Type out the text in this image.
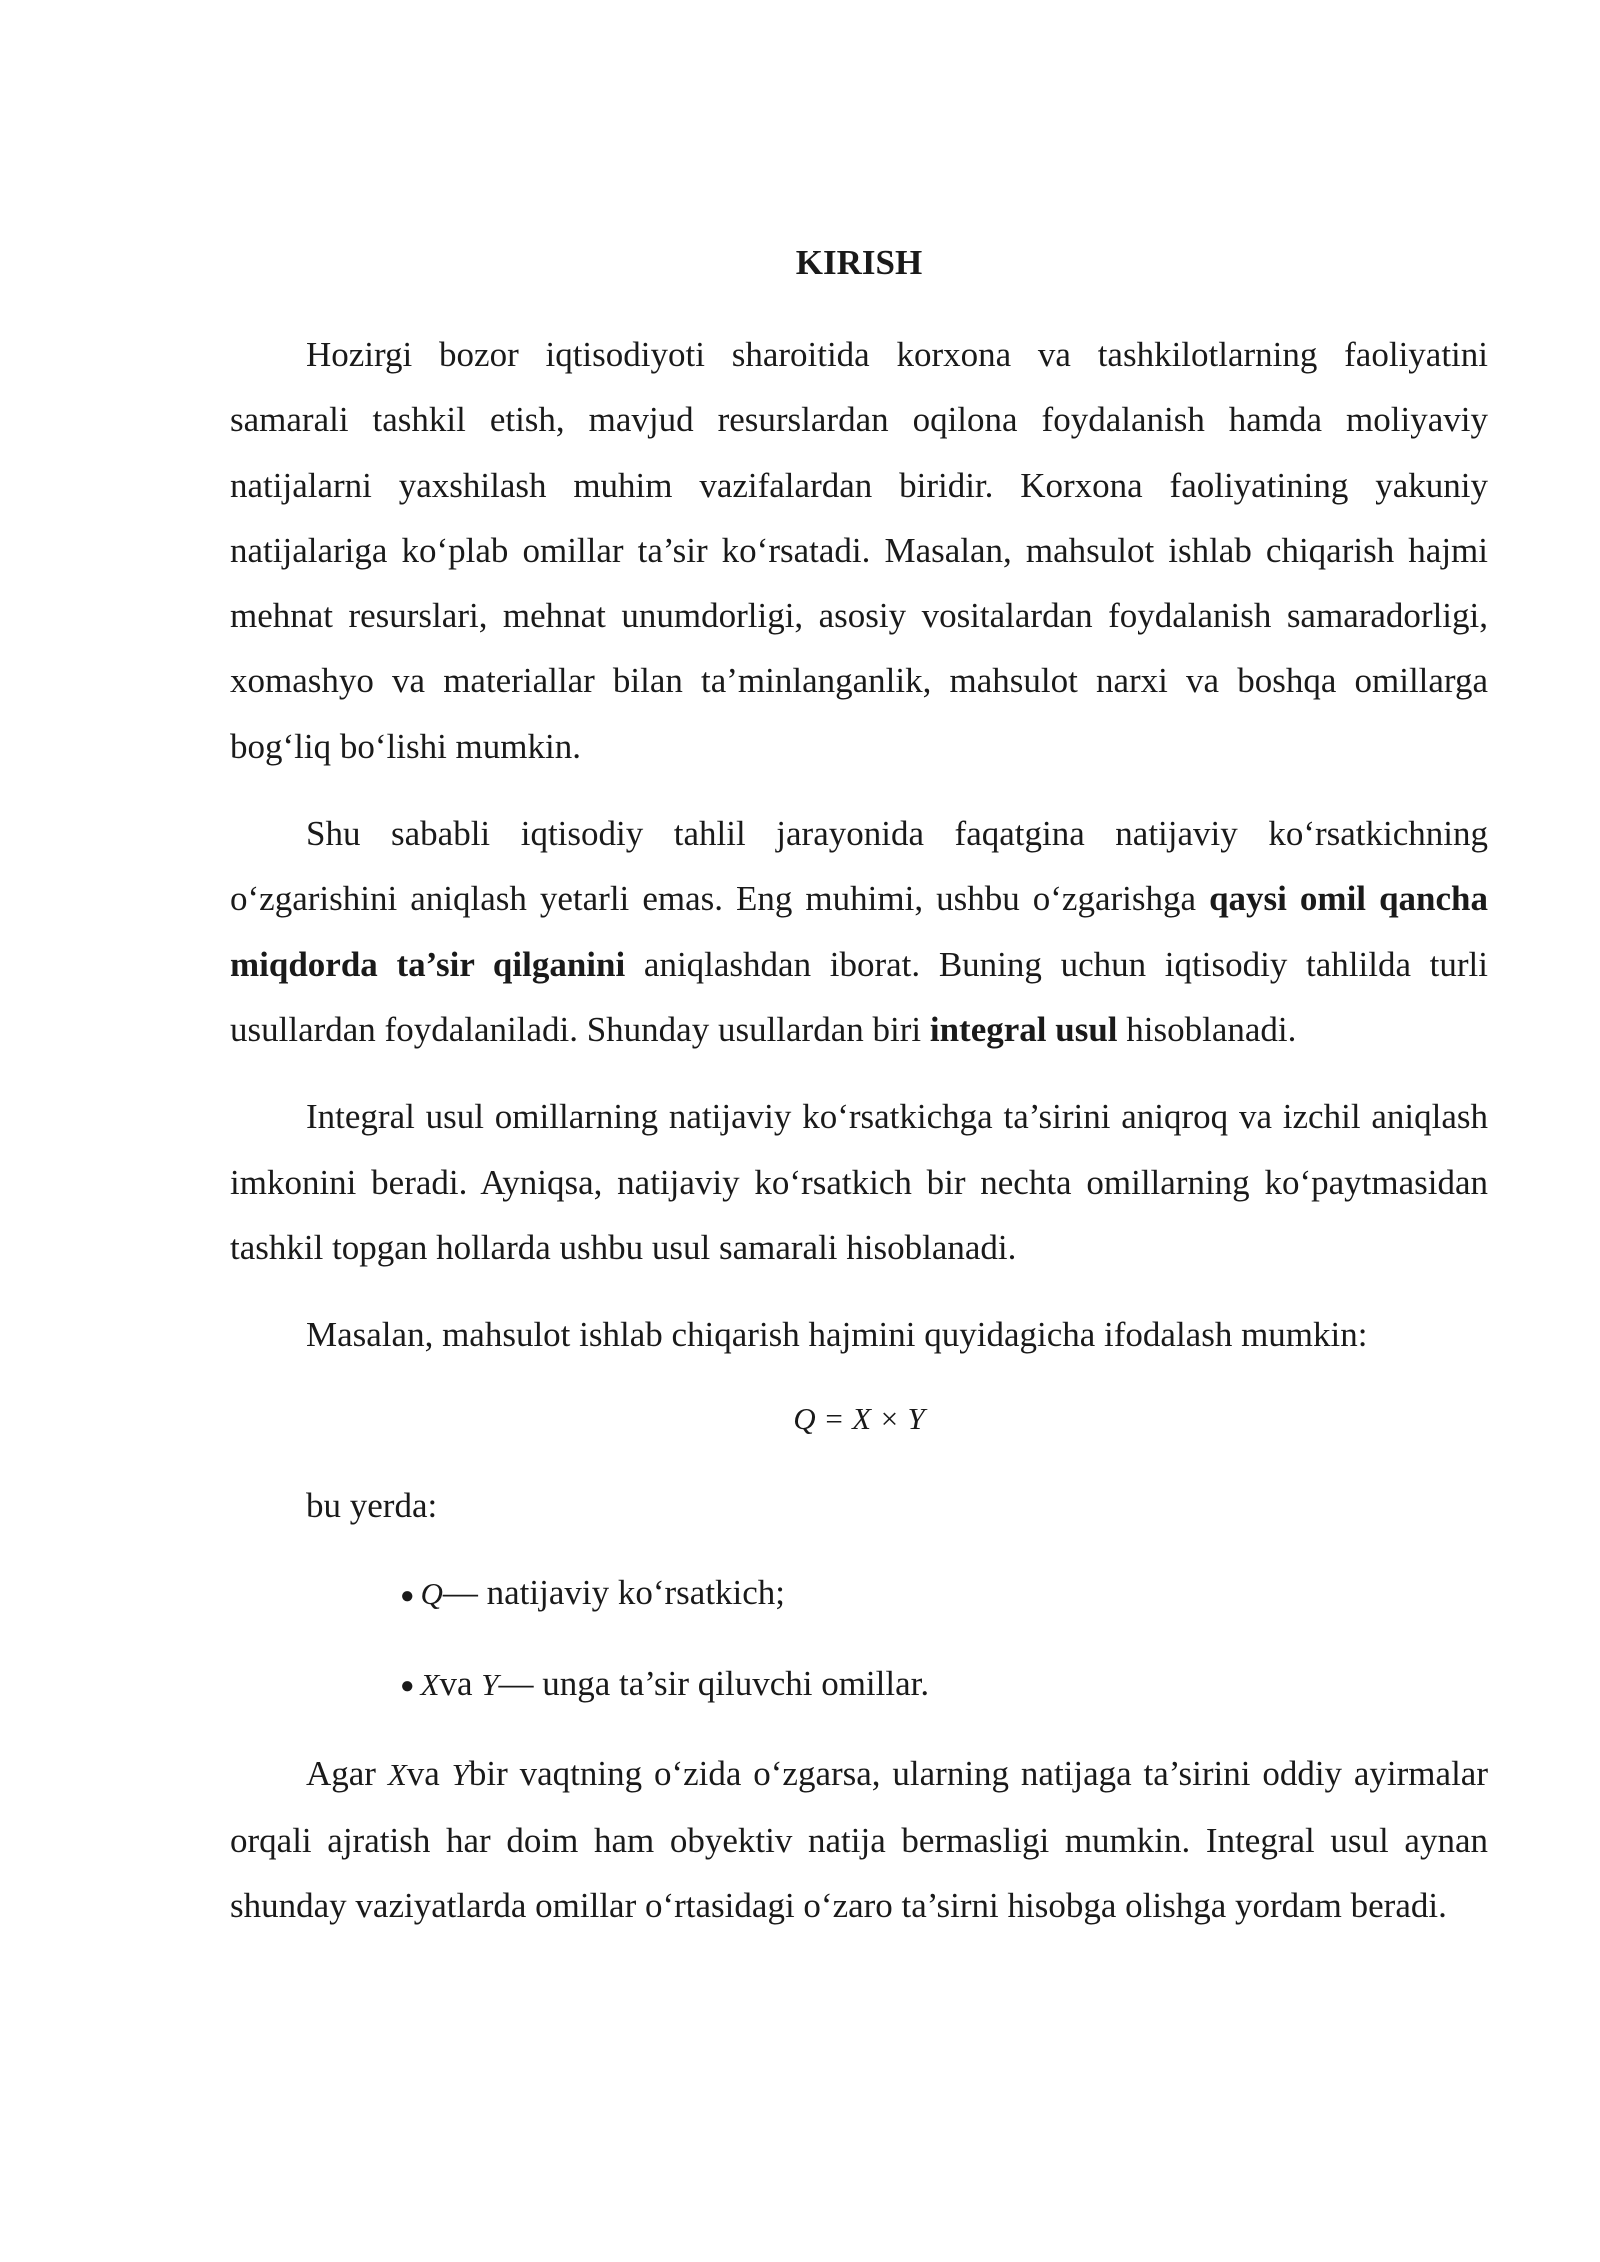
KIRISH

Hozirgi bozor iqtisodiyoti sharoitida korxona va tashkilotlarning faoliyatini samarali tashkil etish, mavjud resurslardan oqilona foydalanish hamda moliyaviy natijalarni yaxshilash muhim vazifalardan biridir. Korxona faoliyatining yakuniy natijalariga ko‘plab omillar ta’sir ko‘rsatadi. Masalan, mahsulot ishlab chiqarish hajmi mehnat resurslari, mehnat unumdorligi, asosiy vositalardan foydalanish samaradorligi, xomashyo va materiallar bilan ta’minlanganlik, mahsulot narxi va boshqa omillarga bog‘liq bo‘lishi mumkin.

Shu sababli iqtisodiy tahlil jarayonida faqatgina natijaviy ko‘rsatkichning o‘zgarishini aniqlash yetarli emas. Eng muhimi, ushbu o‘zgarishga qaysi omil qancha miqdorda ta’sir qilganini aniqlashdan iborat. Buning uchun iqtisodiy tahlilda turli usullardan foydalaniladi. Shunday usullardan biri integral usul hisoblanadi.

Integral usul omillarning natijaviy ko‘rsatkichga ta’sirini aniqroq va izchil aniqlash imkonini beradi. Ayniqsa, natijaviy ko‘rsatkich bir nechta omillarning ko‘paytmasidan tashkil topgan hollarda ushbu usul samarali hisoblanadi.

Masalan, mahsulot ishlab chiqarish hajmini quyidagicha ifodalash mumkin:

Q = X × Y
bu yerda:
● Q— natijaviy ko‘rsatkich;
● Xva Y— unga ta’sir qiluvchi omillar.

Agar Xva Ybir vaqtning o‘zida o‘zgarsa, ularning natijaga ta’sirini oddiy ayirmalar orqali ajratish har doim ham obyektiv natija bermasligi mumkin. Integral usul aynan shunday vaziyatlarda omillar o‘rtasidagi o‘zaro ta’sirni hisobga olishga yordam beradi.
